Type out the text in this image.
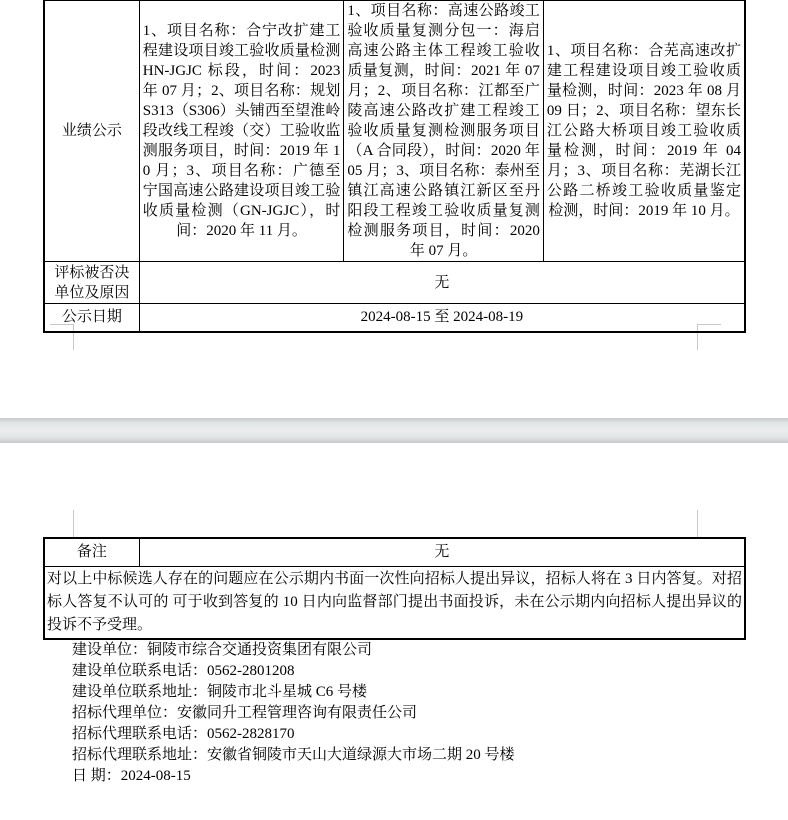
业绩公示	1、项目名称：合宁改扩建工程建设项目竣工验收质量检测 HN-JGJC 标段，时间：2023 年 07 月；2、项目名称：规划 S313（S306）头铺西至望淮岭段改线工程竣（交）工验收监测服务项目，时间：2019 年 10 月；3、项目名称：广德至宁国高速公路建设项目竣工验收质量检测（GN-JGJC），时间：2020 年 11 月。	1、项目名称：高速公路竣工验收质量复测分包一：海启高速公路主体工程竣工验收质量复测，时间：2021 年 07 月；2、项目名称：江都至广陵高速公路改扩建工程竣工验收质量复测检测服务项目（A 合同段），时间：2020 年 05 月；3、项目名称：泰州至镇江高速公路镇江新区至丹阳段工程竣工验收质量复测检测服务项目，时间：2020 年 07 月。	1、项目名称：合芜高速改扩建工程建设项目竣工验收质量检测，时间：2023 年 08 月 09 日；2、项目名称：望东长江公路大桥项目竣工验收质量检测，时间：2019 年 04 月；3、项目名称：芜湖长江公路二桥竣工验收质量鉴定检测，时间：2019 年 10 月。
评标被否决单位及原因	无		
公示日期	2024-08-15 至 2024-08-19		
备注	无
对以上中标候选人存在的问题应在公示期内书面一次性向招标人提出异议，招标人将在 3 日内答复。对招标人答复不认可的 可于收到答复的 10 日内向监督部门提出书面投诉，未在公示期内向招标人提出异议的投诉不予受理。
建设单位：铜陵市综合交通投资集团有限公司
建设单位联系电话：0562-2801208
建设单位联系地址：铜陵市北斗星城 C6 号楼
招标代理单位：安徽同升工程管理咨询有限责任公司
招标代理联系电话：0562-2828170
招标代理联系地址：安徽省铜陵市天山大道绿源大市场二期 20 号楼
日 期：2024-08-15
